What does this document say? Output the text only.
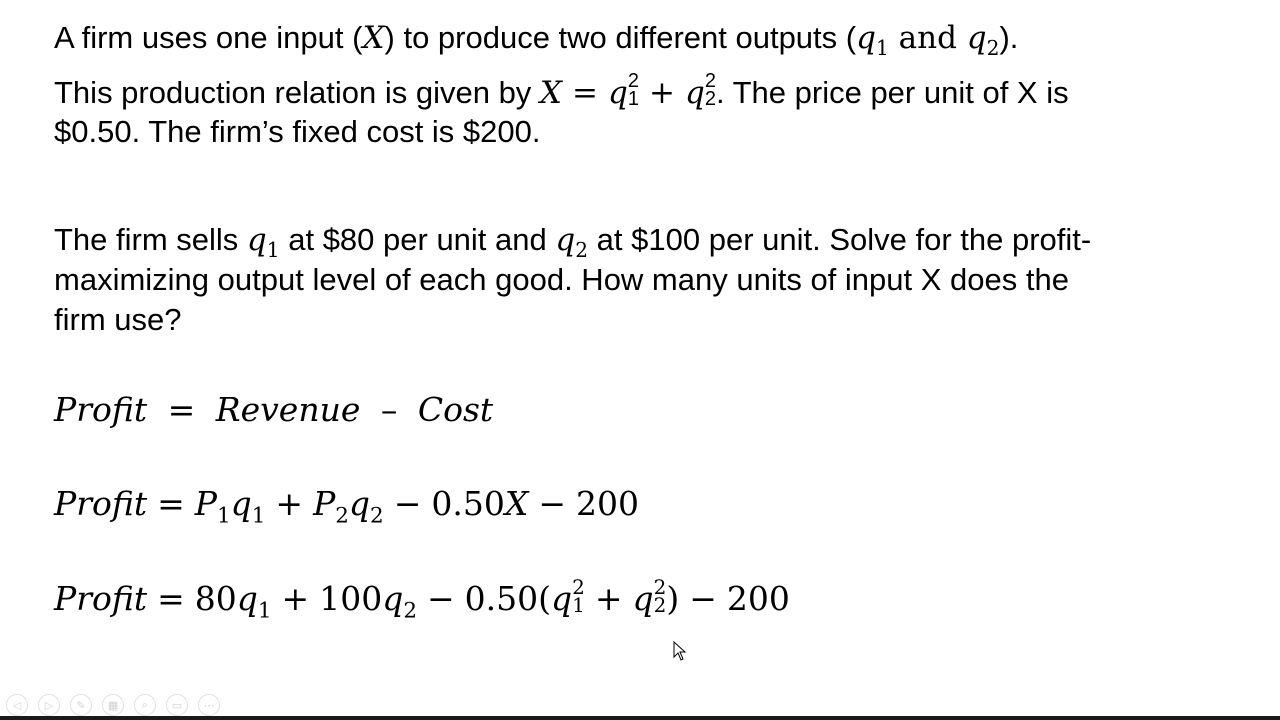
A firm uses one input (X) to produce two different outputs ($q_1$ and $q_2$).
This production relation is given by X = q 2
1 + q 2
2 . The price per unit of X is
$0.50. The firm’s fixed cost is $200.
The firm sells $q_1$ at $80 per unit and $q_2$ at $100 per unit. Solve for the profit-
maximizing output level of each good. How many units of input X does the
firm use?
Profit = Revenue – Cost
Profit = $P_1q_1 + P_2q_2 - 0.50X - 200$
Profit = $80q_1 + 100q_2 - 0.50(q$ 2
1 + q 2
2 ) − 200
◁	▷	✎	▦	⌕	▭	⋯
